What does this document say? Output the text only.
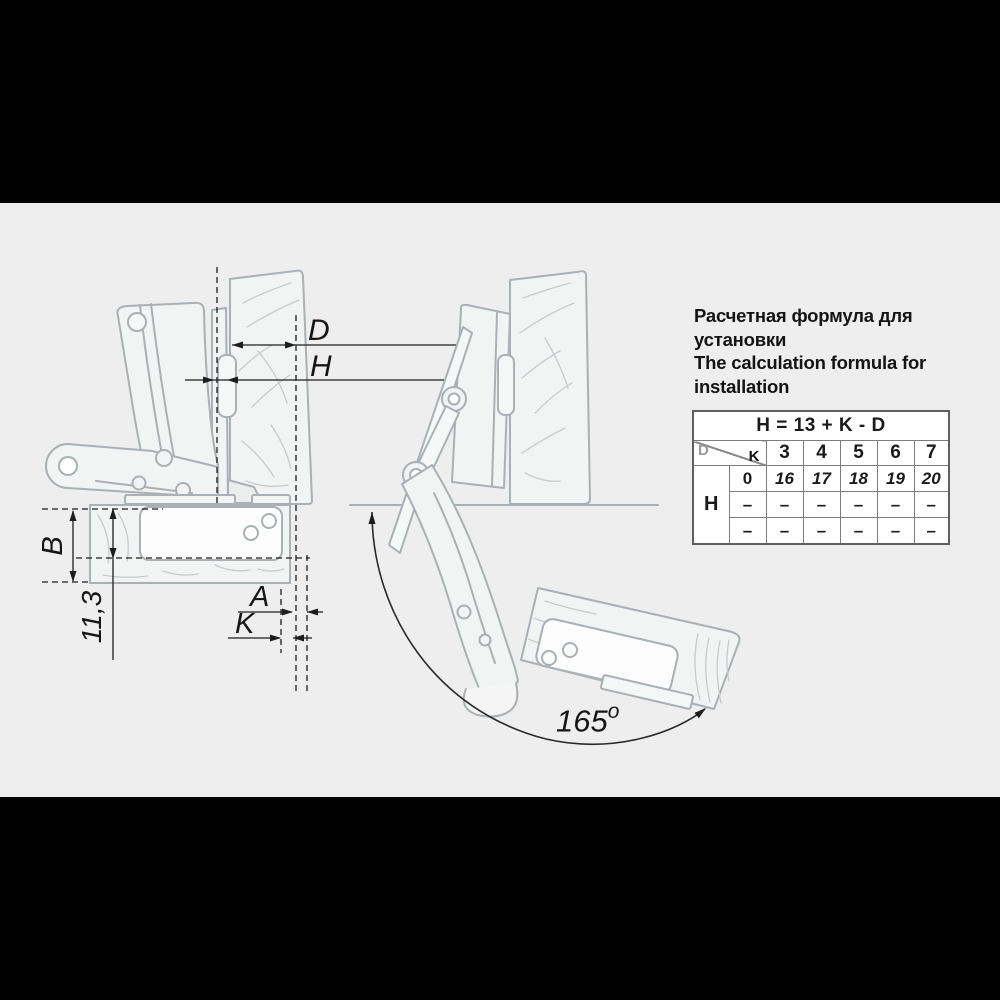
D
H
B
11,3	A
K
165$^o$
Расчетная формула для
установки
The calculation formula for
installation
H = 13 + K - D						

D K		3	4	5	6	7
H	0	16	17	18	19	20
	–	–	–	–	–	–
	–	–	–	–	–	–
